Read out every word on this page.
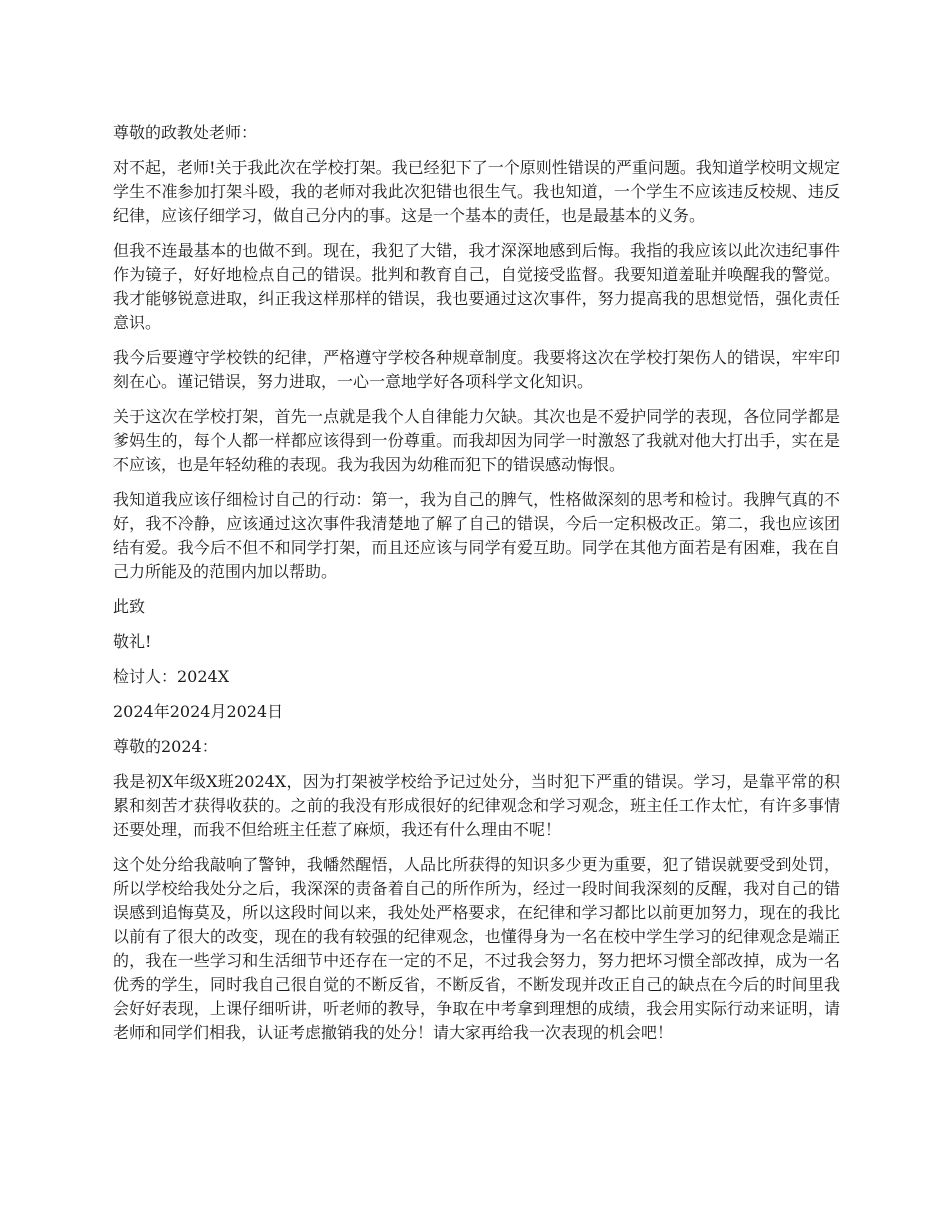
尊敬的政教处老师：

对不起，老师!关于我此次在学校打架。我已经犯下了一个原则性错误的严重问题。我知道学校明文规定学生不准参加打架斗殴，我的老师对我此次犯错也很生气。我也知道，一个学生不应该违反校规、违反纪律，应该仔细学习，做自己分内的事。这是一个基本的责任，也是最基本的义务。

但我不连最基本的也做不到。现在，我犯了大错，我才深深地感到后悔。我指的我应该以此次违纪事件作为镜子，好好地检点自己的错误。批判和教育自己，自觉接受监督。我要知道羞耻并唤醒我的警觉。我才能够锐意进取，纠正我这样那样的错误，我也要通过这次事件，努力提高我的思想觉悟，强化责任意识。

我今后要遵守学校铁的纪律，严格遵守学校各种规章制度。我要将这次在学校打架伤人的错误，牢牢印刻在心。谨记错误，努力进取，一心一意地学好各项科学文化知识。

关于这次在学校打架，首先一点就是我个人自律能力欠缺。其次也是不爱护同学的表现，各位同学都是爹妈生的，每个人都一样都应该得到一份尊重。而我却因为同学一时激怒了我就对他大打出手，实在是不应该，也是年轻幼稚的表现。我为我因为幼稚而犯下的错误感动悔恨。

我知道我应该仔细检讨自己的行动：第一，我为自己的脾气，性格做深刻的思考和检讨。我脾气真的不好，我不冷静，应该通过这次事件我清楚地了解了自己的错误，今后一定积极改正。第二，我也应该团结有爱。我今后不但不和同学打架，而且还应该与同学有爱互助。同学在其他方面若是有困难，我在自己力所能及的范围内加以帮助。

此致

敬礼!

检讨人：2024X

2024年2024月2024日

尊敬的2024：

我是初X年级X班2024X，因为打架被学校给予记过处分，当时犯下严重的错误。学习，是靠平常的积累和刻苦才获得收获的。之前的我没有形成很好的纪律观念和学习观念，班主任工作太忙，有许多事情还要处理，而我不但给班主任惹了麻烦，我还有什么理由不呢！

这个处分给我敲响了警钟，我幡然醒悟，人品比所获得的知识多少更为重要，犯了错误就要受到处罚，所以学校给我处分之后，我深深的责备着自己的所作所为，经过一段时间我深刻的反醒，我对自己的错误感到追悔莫及，所以这段时间以来，我处处严格要求，在纪律和学习都比以前更加努力，现在的我比以前有了很大的改变，现在的我有较强的纪律观念，也懂得身为一名在校中学生学习的纪律观念是端正的，我在一些学习和生活细节中还存在一定的不足，不过我会努力，努力把坏习惯全部改掉，成为一名优秀的学生，同时我自己很自觉的不断反省，不断反省，不断发现并改正自己的缺点在今后的时间里我会好好表现，上课仔细听讲，听老师的教导，争取在中考拿到理想的成绩，我会用实际行动来证明，请老师和同学们相我，认证考虑撤销我的处分！请大家再给我一次表现的机会吧！
